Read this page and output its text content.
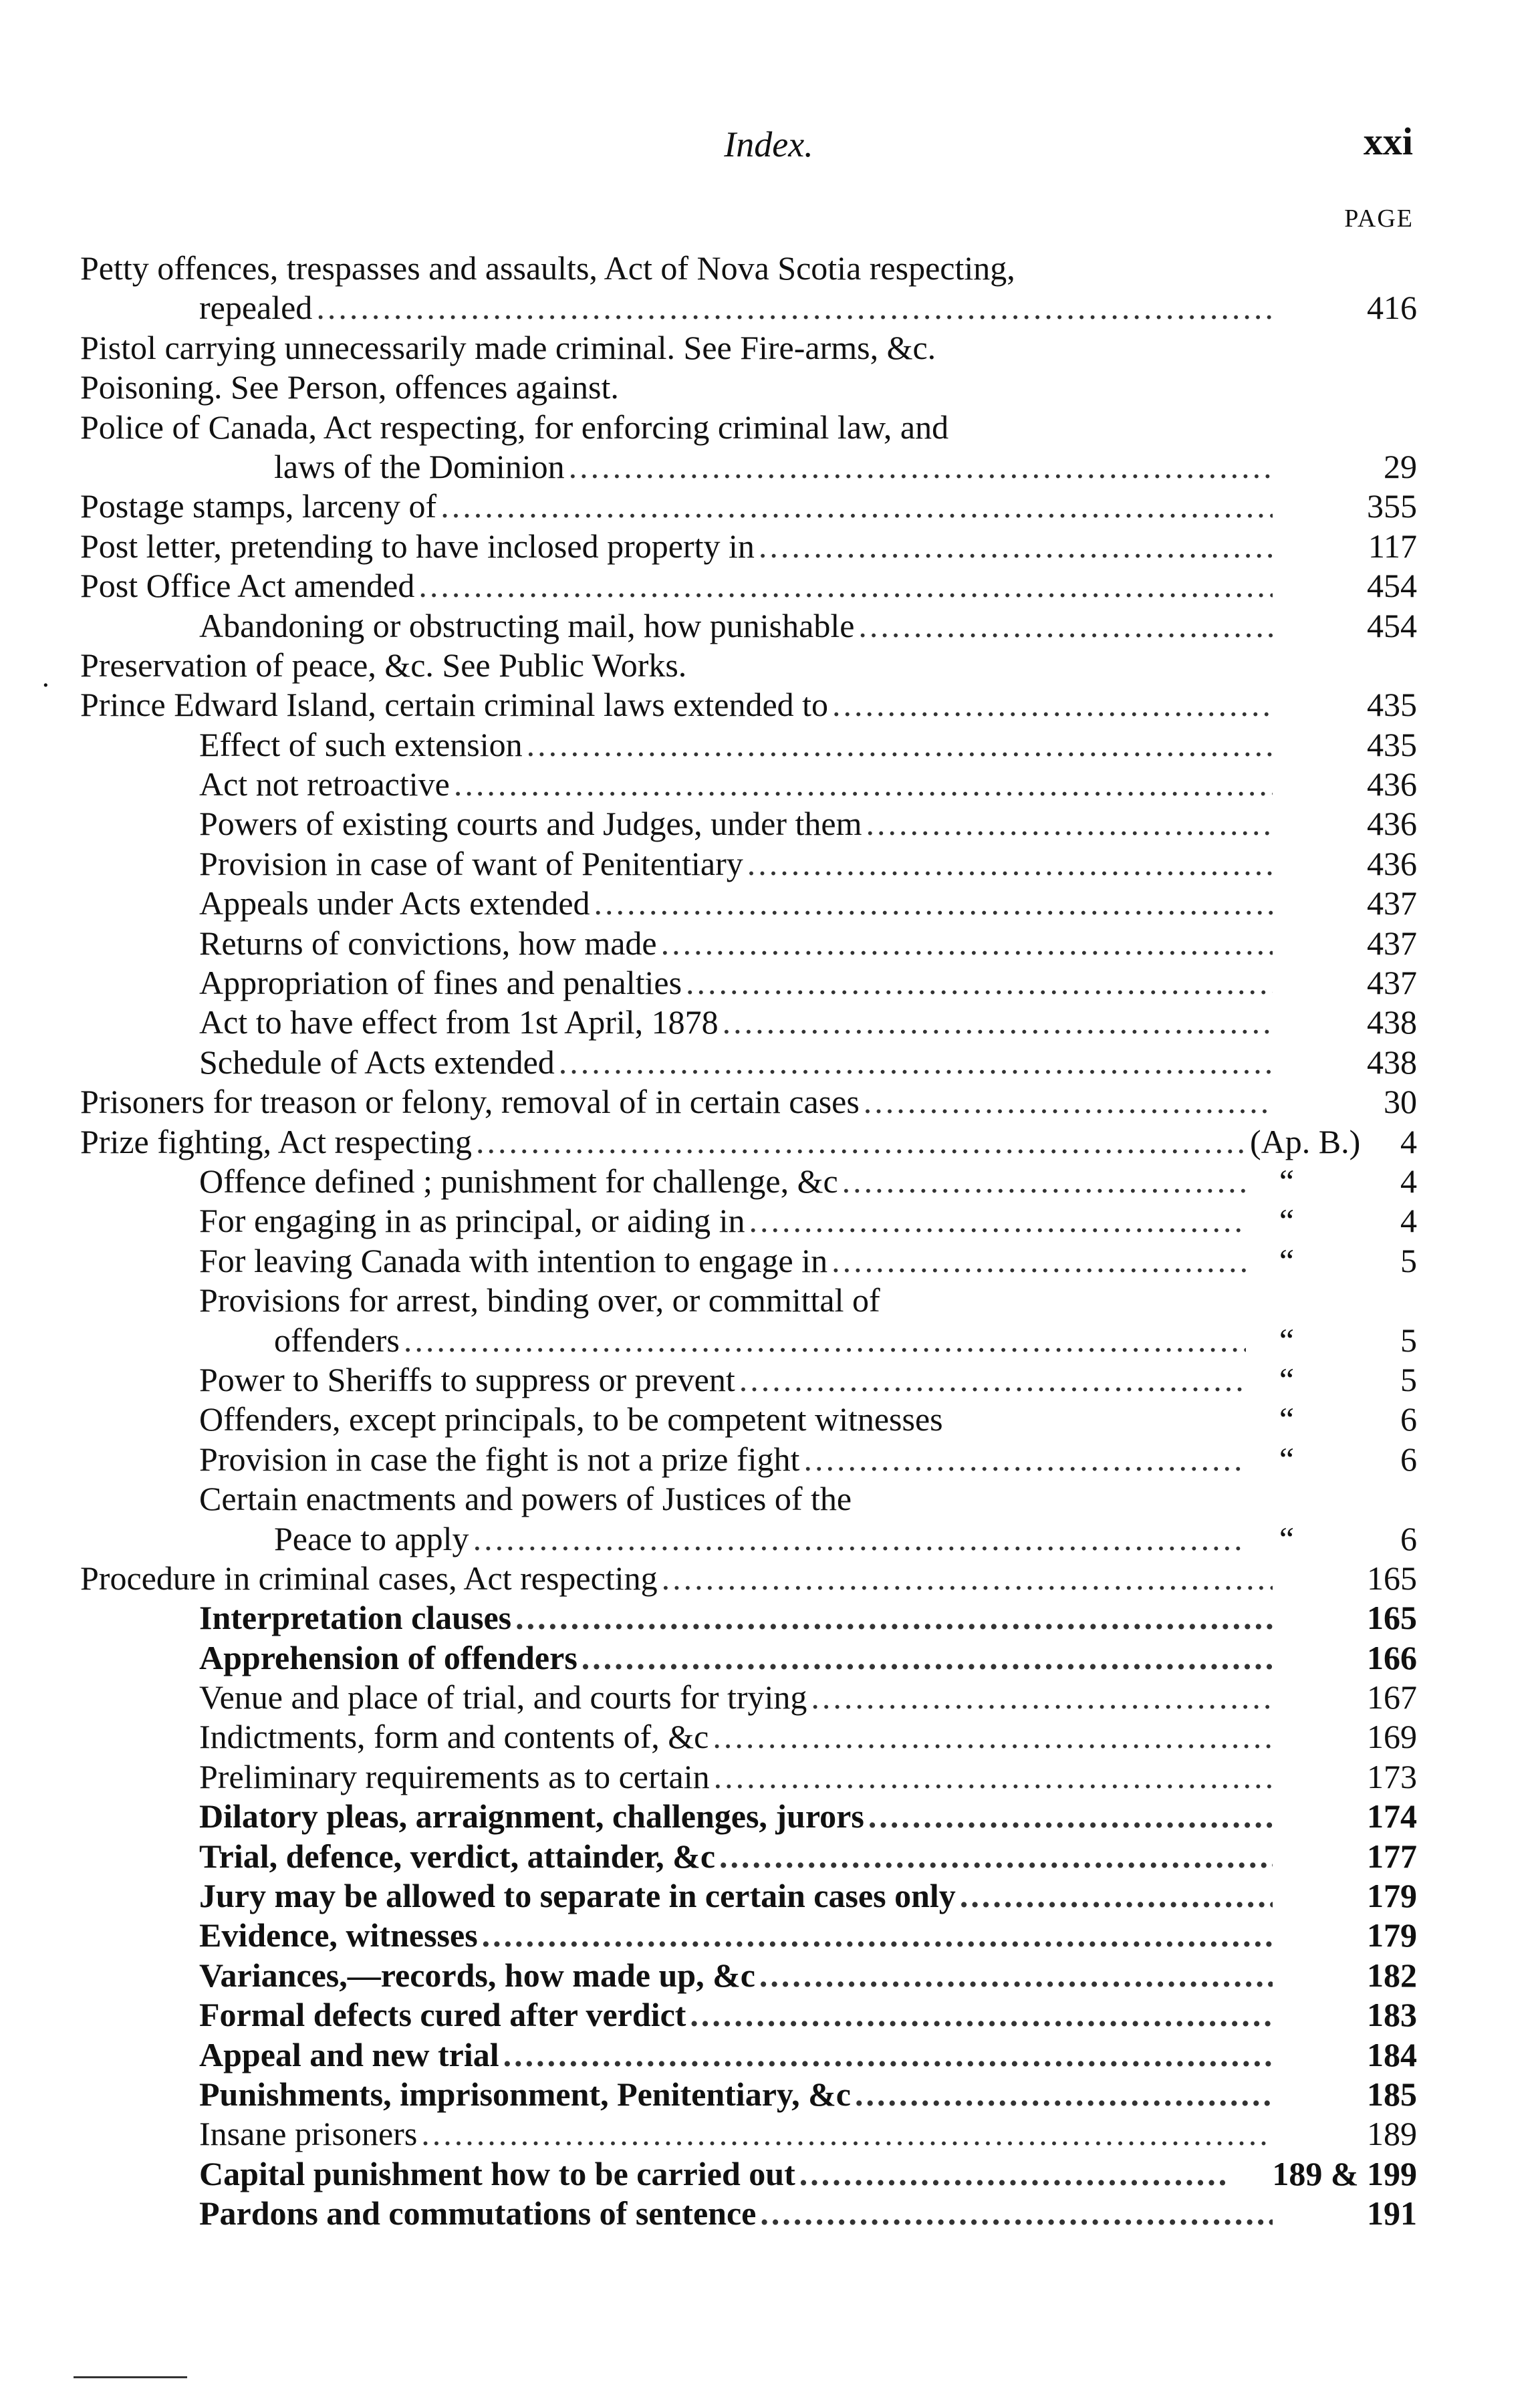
Index.	xxi
PAGE
·
Petty offences, trespasses and assaults, Act of Nova Scotia respecting,
repealed .....	416
Pistol carrying unnecessarily made criminal. See Fire-arms, &c.
Poisoning. See Person, offences against.
Police of Canada, Act respecting, for enforcing criminal law, and
laws of the Dominion .....	29
Postage stamps, larceny of .....	355
Post letter, pretending to have inclosed property in .....	117
Post Office Act amended .....	454
Abandoning or obstructing mail, how punishable .....	454
Preservation of peace, &c. See Public Works.
Prince Edward Island, certain criminal laws extended to .....	435
Effect of such extension .....	435
Act not retroactive .....	436
Powers of existing courts and Judges, under them .....	436
Provision in case of want of Penitentiary .....	436
Appeals under Acts extended .....	437
Returns of convictions, how made .....	437
Appropriation of fines and penalties .....	437
Act to have effect from 1st April, 1878 .....	438
Schedule of Acts extended .....	438
Prisoners for treason or felony, removal of in certain cases .....	30
Prize fighting, Act respecting .....	(Ap. B.)	4
Offence defined ; punishment for challenge, &c .....	“	4
For engaging in as principal, or aiding in .....	“	4
For leaving Canada with intention to engage in .....	“	5
Provisions for arrest, binding over, or committal of
offenders .....	“	5
Power to Sheriffs to suppress or prevent .....	“	5
Offenders, except principals, to be competent witnesses	“	6
Provision in case the fight is not a prize fight .....	“	6
Certain enactments and powers of Justices of the
Peace to apply .....	“	6
Procedure in criminal cases, Act respecting .....	165
Interpretation clauses .....	165
Apprehension of offenders .....	166
Venue and place of trial, and courts for trying .....	167
Indictments, form and contents of, &c .....	169
Preliminary requirements as to certain .....	173
Dilatory pleas, arraignment, challenges, jurors .....	174
Trial, defence, verdict, attainder, &c .....	177
Jury may be allowed to separate in certain cases only .....	179
Evidence, witnesses .....	179
Variances,—records, how made up, &c .....	182
Formal defects cured after verdict .....	183
Appeal and new trial .....	184
Punishments, imprisonment, Penitentiary, &c .....	185
Insane prisoners .....	189
Capital punishment how to be carried out .....	189 & 199
Pardons and commutations of sentence .....	191
